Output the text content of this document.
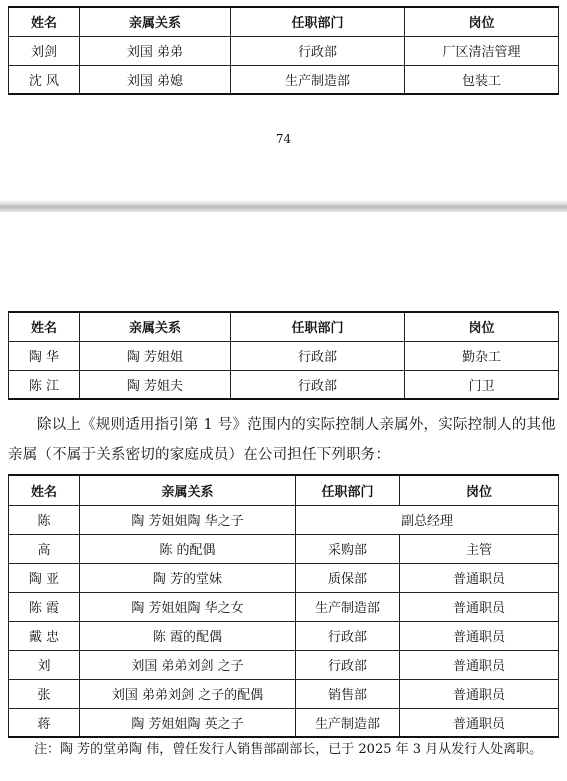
姓名	亲属关系	任职部门	岗位
刘剑	刘国 弟弟	行政部	厂区清洁管理
沈 风	刘国 弟媳	生产制造部	包装工
74
姓名	亲属关系	任职部门	岗位
陶 华	陶 芳姐姐	行政部	勤杂工
陈 江	陶 芳姐夫	行政部	门卫
除以上《规则适用指引第 1 号》范围内的实际控制人亲属外，实际控制人的其他亲属（不属于关系密切的家庭成员）在公司担任下列职务：
姓名	亲属关系	任职部门	岗位
陈	陶 芳姐姐陶 华之子	副总经理	
高	陈 的配偶	采购部	主管
陶 亚	陶 芳的堂妹	质保部	普通职员
陈 霞	陶 芳姐姐陶 华之女	生产制造部	普通职员
戴 忠	陈 霞的配偶	行政部	普通职员
刘	刘国 弟弟刘剑 之子	行政部	普通职员
张	刘国 弟弟刘剑 之子的配偶	销售部	普通职员
蒋	陶 芳姐姐陶 英之子	生产制造部	普通职员
注：陶 芳的堂弟陶 伟，曾任发行人销售部副部长，已于 2025 年 3 月从发行人处离职。
